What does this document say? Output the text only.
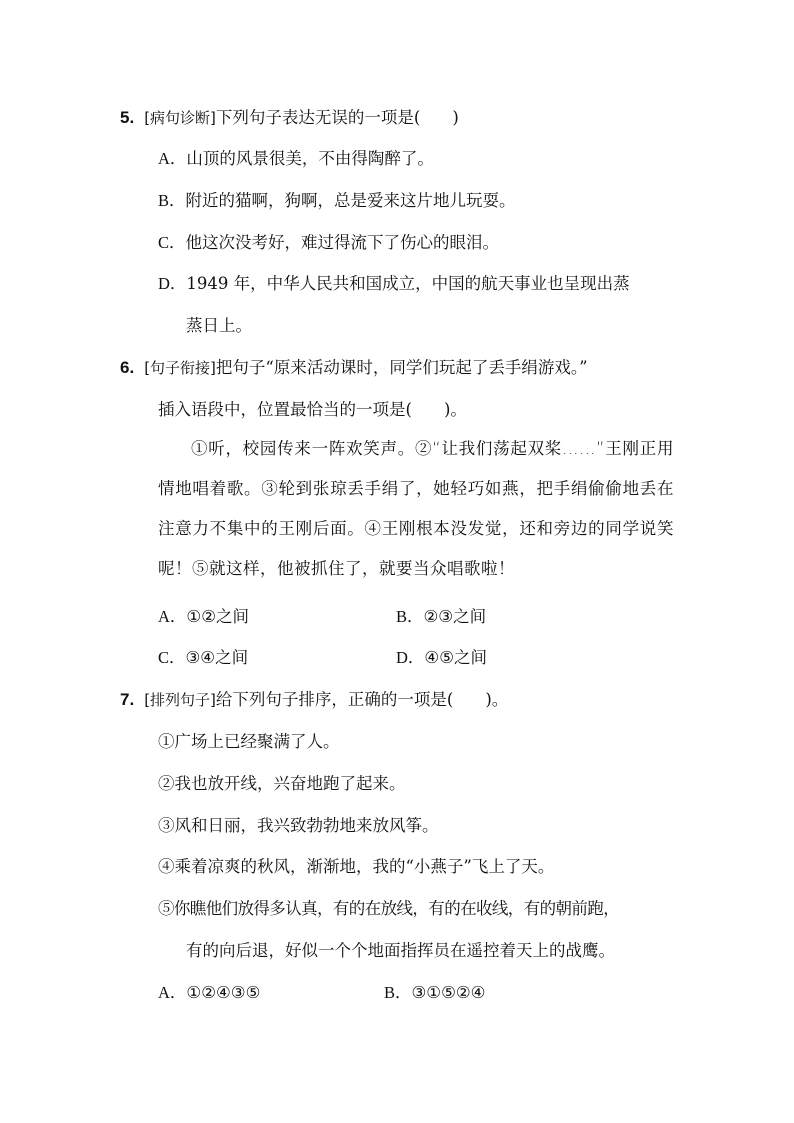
5. [病句诊断]下列句子表达无误的一项是( )
A．山顶的风景很美，不由得陶醉了。
B．附近的猫啊，狗啊，总是爱来这片地儿玩耍。
C．他这次没考好，难过得流下了伤心的眼泪。
D．1949 年，中华人民共和国成立，中国的航天事业也呈现出蒸
蒸日上。
6. [句子衔接]把句子“原来活动课时，同学们玩起了丢手绢游戏。”
插入语段中，位置最恰当的一项是( )。
①听，校园传来一阵欢笑声。②“让我们荡起双桨……”王刚正用情地唱着歌。③轮到张琼丢手绢了，她轻巧如燕，把手绢偷偷地丢在注意力不集中的王刚后面。④王刚根本没发觉，还和旁边的同学说笑呢！⑤就这样，他被抓住了，就要当众唱歌啦！
A．①②之间	B．②③之间
C．③④之间	D．④⑤之间
7. [排列句子]给下列句子排序，正确的一项是( )。
①广场上已经聚满了人。
②我也放开线，兴奋地跑了起来。
③风和日丽，我兴致勃勃地来放风筝。
④乘着凉爽的秋风，渐渐地，我的“小燕子”飞上了天。
⑤你瞧他们放得多认真，有的在放线，有的在收线，有的朝前跑，
有的向后退，好似一个个地面指挥员在遥控着天上的战鹰。
A．①②④③⑤	B．③①⑤②④
